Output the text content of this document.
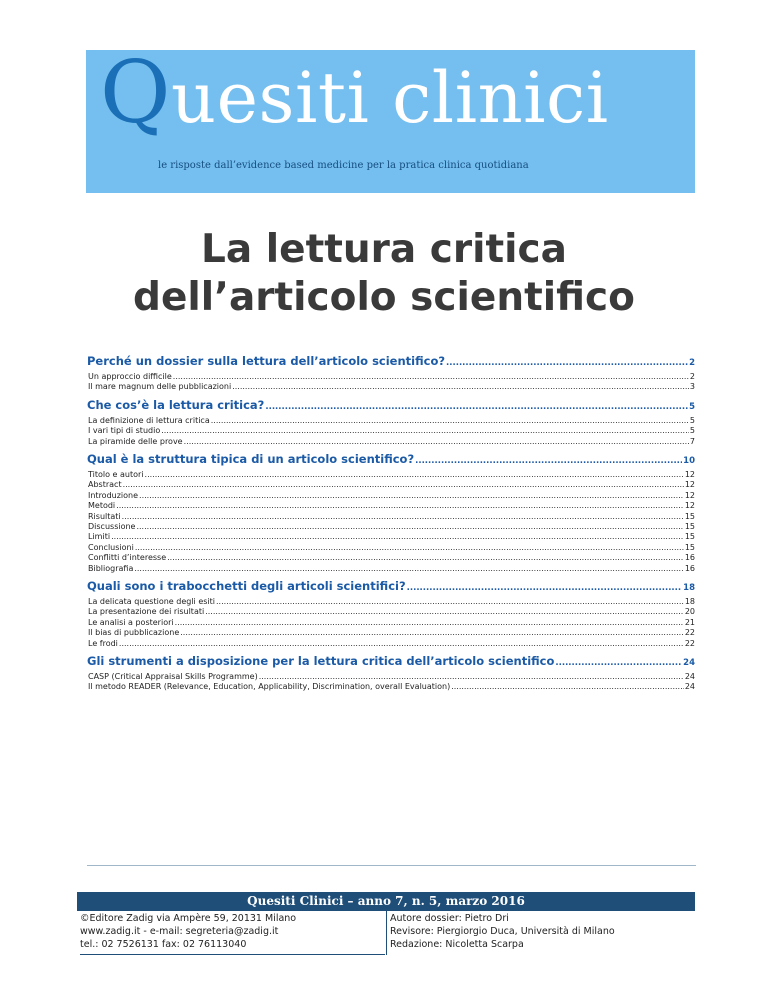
Quesiti clinici
le risposte dall’evidence based medicine per la pratica clinica quotidiana
La lettura critica
dell’articolo scientifico
Perché un dossier sulla lettura dell’articolo scientifico? .....	2
Un approccio difficile .....	2
Il mare magnum delle pubblicazioni .....	3
Che cos’è la lettura critica? .....	5
La definizione di lettura critica .....	5
I vari tipi di studio .....	5
La piramide delle prove .....	7
Qual è la struttura tipica di un articolo scientifico? .....	10
Titolo e autori .....	12
Abstract .....	12
Introduzione .....	12
Metodi .....	12
Risultati .....	15
Discussione .....	15
Limiti .....	15
Conclusioni .....	15
Conflitti d’interesse .....	16
Bibliografia .....	16
Quali sono i trabocchetti degli articoli scientifici? .....	18
La delicata questione degli esiti .....	18
La presentazione dei risultati .....	20
Le analisi a posteriori .....	21
Il bias di pubblicazione .....	22
Le frodi .....	22
Gli strumenti a disposizione per la lettura critica dell’articolo scientifico .....	24
CASP (Critical Appraisal Skills Programme) .....	24
Il metodo READER (Relevance, Education, Applicability, Discrimination, overall Evaluation) .....	24
Quesiti Clinici – anno 7, n. 5, marzo 2016
©Editore Zadig via Ampère 59, 20131 Milano
www.zadig.it - e-mail: segreteria@zadig.it
tel.: 02 7526131 fax: 02 76113040
Autore dossier: Pietro Dri
Revisore: Piergiorgio Duca, Università di Milano
Redazione: Nicoletta Scarpa
